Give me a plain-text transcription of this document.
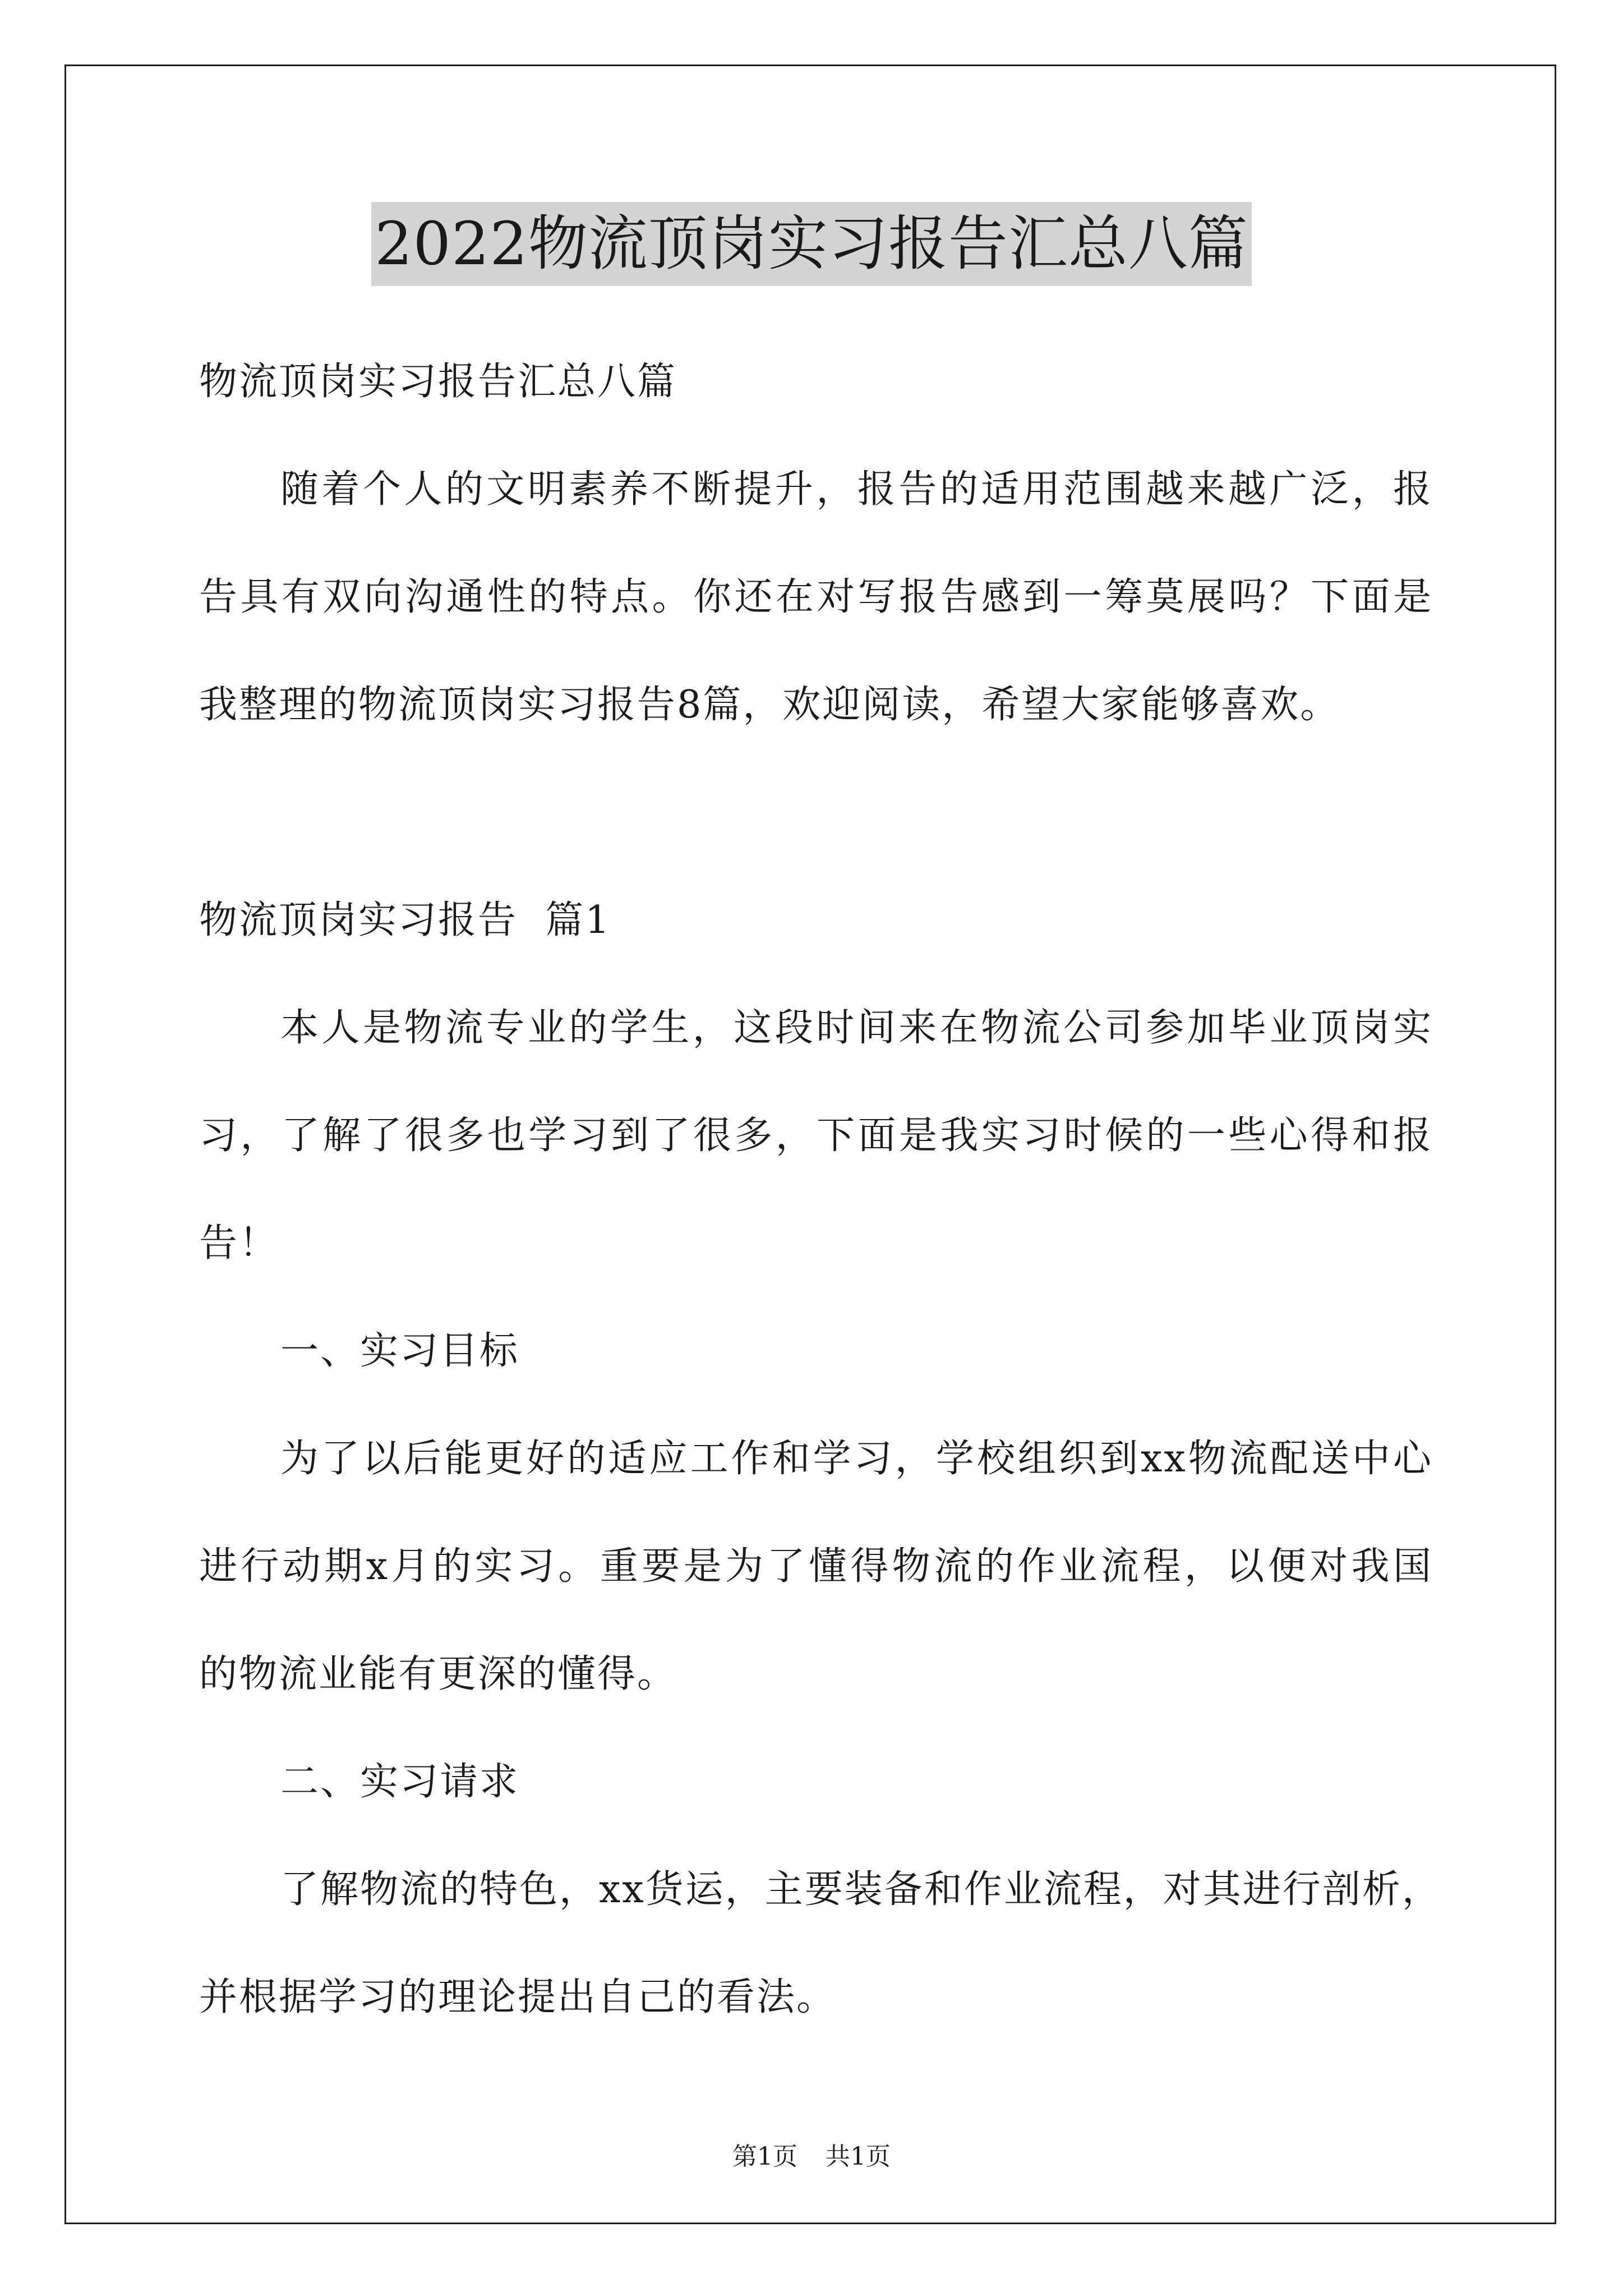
2022物流顶岗实习报告汇总八篇
物流顶岗实习报告汇总八篇
随着个人的文明素养不断提升，报告的适用范围越来越广泛，报
告具有双向沟通性的特点。你还在对写报告感到一筹莫展吗？下面是
我整理的物流顶岗实习报告8篇，欢迎阅读，希望大家能够喜欢。
物流顶岗实习报告  篇1
本人是物流专业的学生，这段时间来在物流公司参加毕业顶岗实
习，了解了很多也学习到了很多，下面是我实习时候的一些心得和报
告！
一、实习目标
为了以后能更好的适应工作和学习，学校组织到xx物流配送中心
进行动期x月的实习。重要是为了懂得物流的作业流程，以便对我国
的物流业能有更深的懂得。
二、实习请求
了解物流的特色，xx货运，主要装备和作业流程，对其进行剖析，
并根据学习的理论提出自己的看法。
第1页 共1页
